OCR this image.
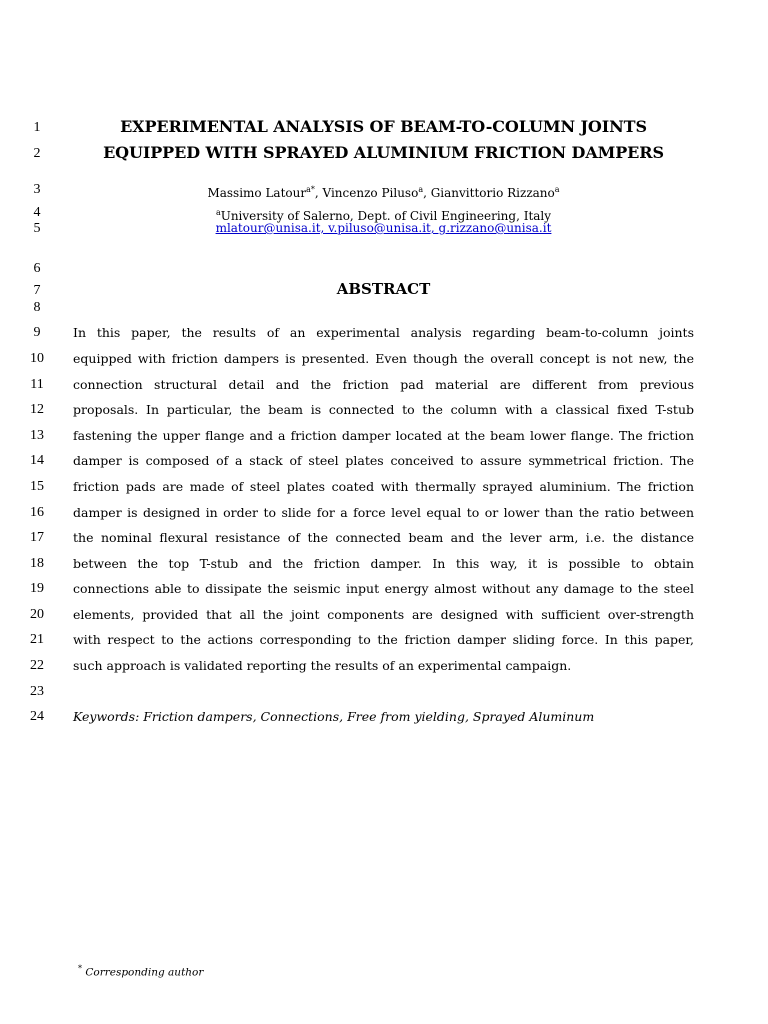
1
2
3
4
5
6
7
8
9
10
11
12
13
14
15
16
17
18
19
20
21
22
23
24
EXPERIMENTAL ANALYSIS OF BEAM-TO-COLUMN JOINTS
EQUIPPED WITH SPRAYED ALUMINIUM FRICTION DAMPERS
Massimo Latour$^{a*}$, Vincenzo Piluso$^a$, Gianvittorio Rizzano$^a$
$^a$University of Salerno, Dept. of Civil Engineering, Italy
mlatour@unisa.it, v.piluso@unisa.it, g.rizzano@unisa.it
ABSTRACT
In this paper, the results of an experimental analysis regarding beam-to-column joints
equipped with friction dampers is presented. Even though the overall concept is not new, the
connection structural detail and the friction pad material are different from previous
proposals. In particular, the beam is connected to the column with a classical fixed T-stub
fastening the upper flange and a friction damper located at the beam lower flange. The friction
damper is composed of a stack of steel plates conceived to assure symmetrical friction. The
friction pads are made of steel plates coated with thermally sprayed aluminium. The friction
damper is designed in order to slide for a force level equal to or lower than the ratio between
the nominal flexural resistance of the connected beam and the lever arm, i.e. the distance
between the top T-stub and the friction damper. In this way, it is possible to obtain
connections able to dissipate the seismic input energy almost without any damage to the steel
elements, provided that all the joint components are designed with sufficient over-strength
with respect to the actions corresponding to the friction damper sliding force. In this paper,
such approach is validated reporting the results of an experimental campaign.
Keywords: Friction dampers, Connections, Free from yielding, Sprayed Aluminum
* Corresponding author
